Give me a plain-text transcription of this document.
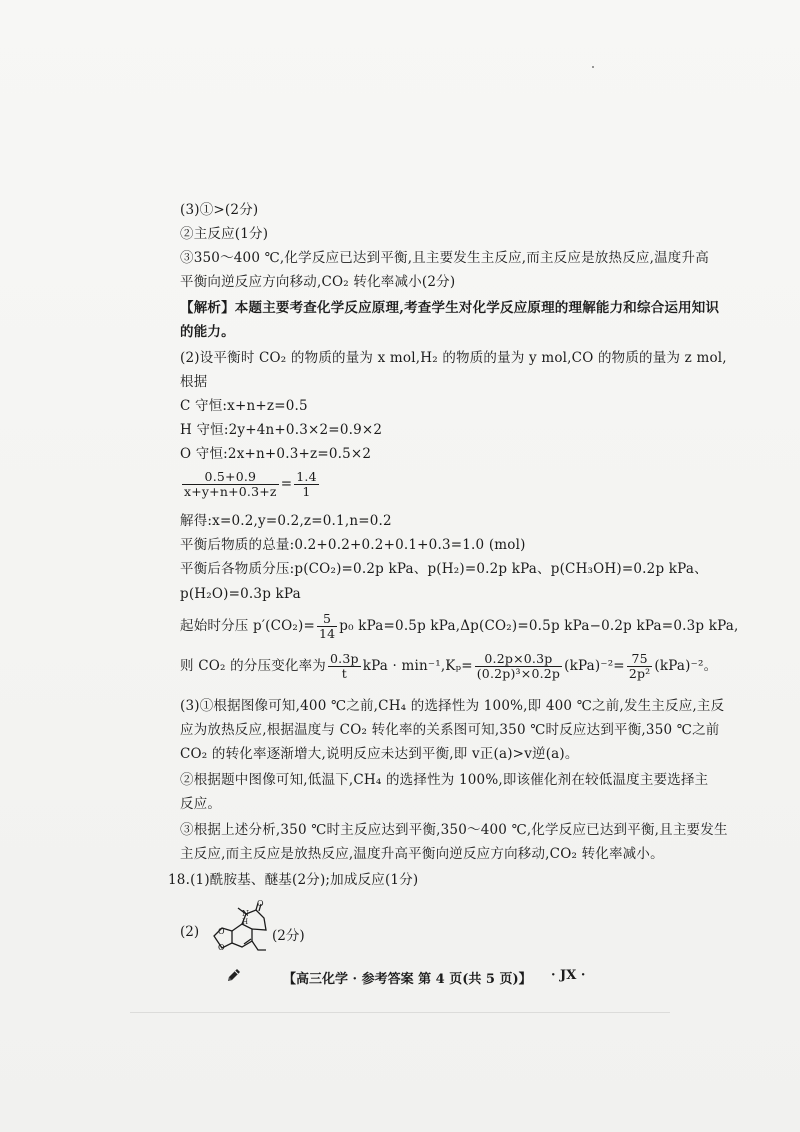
(3)①>(2分)
②主反应(1分)
③350～400 ℃,化学反应已达到平衡,且主要发生主反应,而主反应是放热反应,温度升高
平衡向逆反应方向移动,CO₂ 转化率减小(2分)
【解析】本题主要考查化学反应原理,考查学生对化学反应原理的理解能力和综合运用知识
的能力。
(2)设平衡时 CO₂ 的物质的量为 x mol,H₂ 的物质的量为 y mol,CO 的物质的量为 z mol,
根据
C 守恒:x+n+z=0.5
H 守恒:2y+4n+0.3×2=0.9×2
O 守恒:2x+n+0.3+z=0.5×2
$\frac{0.5+0.9}{x+y+n+0.3+z} = \frac{1.4}{1}$
解得:x=0.2,y=0.2,z=0.1,n=0.2
平衡后物质的总量:0.2+0.2+0.2+0.1+0.3=1.0 (mol)
平衡后各物质分压:p(CO₂)=0.2p kPa、p(H₂)=0.2p kPa、p(CH₃OH)=0.2p kPa、
p(H₂O)=0.3p kPa
起始时分压 $p'(CO_2)= \frac{5}{14} p_0$ kPa=0.5p kPa,Δp(CO₂)=0.5p kPa−0.2p kPa=0.3p kPa,
则 CO₂ 的分压变化率为 $\frac{0.3p}{t}$ kPa · $\min^{-1},K_p= \frac{0.2p\times 0.3p}{\text{(0.2p)³×0.2p}} (kPa)^{-2}= \frac{75}{\text{2p²}} (kPa)^{-2}$。
(3)①根据图像可知,400 ℃之前,CH₄ 的选择性为 100%,即 400 ℃之前,发生主反应,主反
应为放热反应,根据温度与 CO₂ 转化率的关系图可知,350 ℃时反应达到平衡,350 ℃之前
CO₂ 的转化率逐渐增大,说明反应未达到平衡,即 v正(a)>v逆(a)。
②根据题中图像可知,低温下,CH₄ 的选择性为 100%,即该催化剂在较低温度主要选择主
反应。
③根据上述分析,350 ℃时主反应达到平衡,350～400 ℃,化学反应已达到平衡,且主要发生
主反应,而主反应是放热反应,温度升高平衡向逆反应方向移动,CO₂ 转化率减小。
18.(1)酰胺基、醚基(2分);加成反应(1分)
(2) O
O
O
N
H
(2分)
【高三化学 · 参考答案 第 4 页(共 5 页)】 · JX ·
